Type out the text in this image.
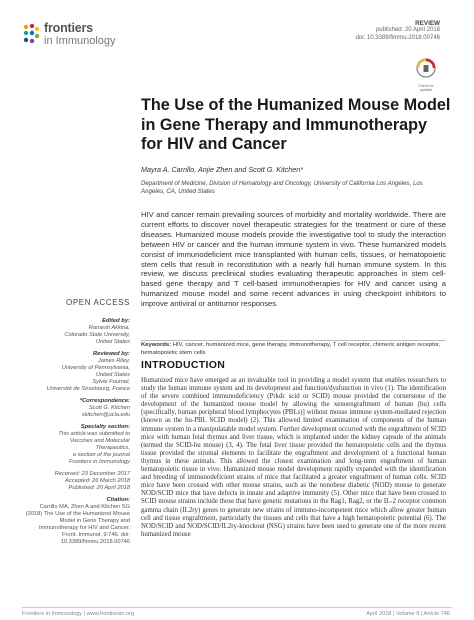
frontiers
in Immunology
REVIEW
published: 20 April 2018
doi: 10.3389/fimmu.2018.00746
Check for updates
The Use of the Humanized Mouse Model in Gene Therapy and Immunotherapy for HIV and Cancer
Mayra A. Carrillo, Anjie Zhen and Scott G. Kitchen*
Department of Medicine, Division of Hematology and Oncology, University of California Los Angeles, Los Angeles, CA, United States

HIV and cancer remain prevailing sources of morbidity and mortality worldwide. There are current efforts to discover novel therapeutic strategies for the treatment or cure of these diseases. Humanized mouse models provide the investigative tool to study the interaction between HIV or cancer and the human immune system in vivo. These humanized models consist of immunodeficient mice transplanted with human cells, tissues, or hematopoietic stem cells that result in reconstitution with a nearly full human immune system. In this review, we discuss preclinical studies evaluating therapeutic approaches in stem cell-based gene therapy and T cell-based immunotherapies for HIV and cancer using a humanized mouse model and some recent advances in using checkpoint inhibitors to improve antiviral or antitumor responses.

Keywords: HIV, cancer, humanized mice, gene therapy, immunotherapy, T cell receptor, chimeric antigen receptor, hematopoietic stem cells
OPEN ACCESS
Edited by:
Ramesh Akkina,
Colorado State University,
United States
Reviewed by:
James Riley,
University of Pennsylvania,
United States
Sylvie Fournel,
Université de Strasbourg, France
*Correspondence:
Scott G. Kitchen
skitchen@ucla.edu
Specialty section:
This article was submitted to
Vaccines and Molecular
Therapeutics,
a section of the journal
Frontiers in Immunology
Received: 23 December 2017
Accepted: 26 March 2018
Published: 20 April 2018
Citation:
Carrillo MA, Zhen A and Kitchen SG (2018) The Use of the Humanized Mouse Model in Gene Therapy and Immunotherapy for HIV and Cancer. Front. Immunol. 9:746. doi: 10.3389/fimmu.2018.00746
INTRODUCTION

Humanized mice have emerged as an invaluable tool in providing a model system that enables researchers to study the human immune system and its development and function/dysfunction in vivo (1). The identification of the severe combined immunodeficiency (Prkdc scid or SCID) mouse provided the cornerstone of the development of the humanized mouse model by allowing the xenoengraftment of human (hu) cells [specifically, human peripheral blood lymphocytes (PBLs)] without mouse immune system-mediated rejection (known as the hu-PBL SCID model) (2). This allowed limited examination of components of the human immune system in a manipulatable model system. Further development occurred with the engraftment of SCID mice with human fetal thymus and liver tissue, which is implanted under the kidney capsule of the animals (termed the SCID-hu mouse) (3, 4). The fetal liver tissue provided the hematopoietic cells and the thymus tissue provided the stromal elements to facilitate the engraftment and development of a functional human thymus in these animals. This allowed the closest examination and long-term engraftment of human hematopoietic tissue in vivo. Humanized mouse model development rapidly expanded with the identification and breeding of immunodeficient strains of mice that facilitated a greater engraftment of human cells. SCID mice have been crossed with other mouse strains, such as the nonobese diabetic (NOD) mouse to generate NOD/SCID mice that have defects in innate and adaptive immunity (5). Other mice that have been crossed to SCID mouse strains include those that have genetic mutations in the Rag1, Rag2, or the IL-2 receptor common gamma chain (IL2ry) genes to generate new strains of immuno-incompetent mice which allow greater human cell and tissue engraftment, particularly the tissues and cells that have a high hematopoietic potential (6). The NOD/SCID and NOD/SCID/IL2ry-knockout (NSG) strains have been used to generate one of the more recent humanized mouse

Frontiers in Immunology | www.frontiersin.org	April 2018 | Volume 9 | Article 746
